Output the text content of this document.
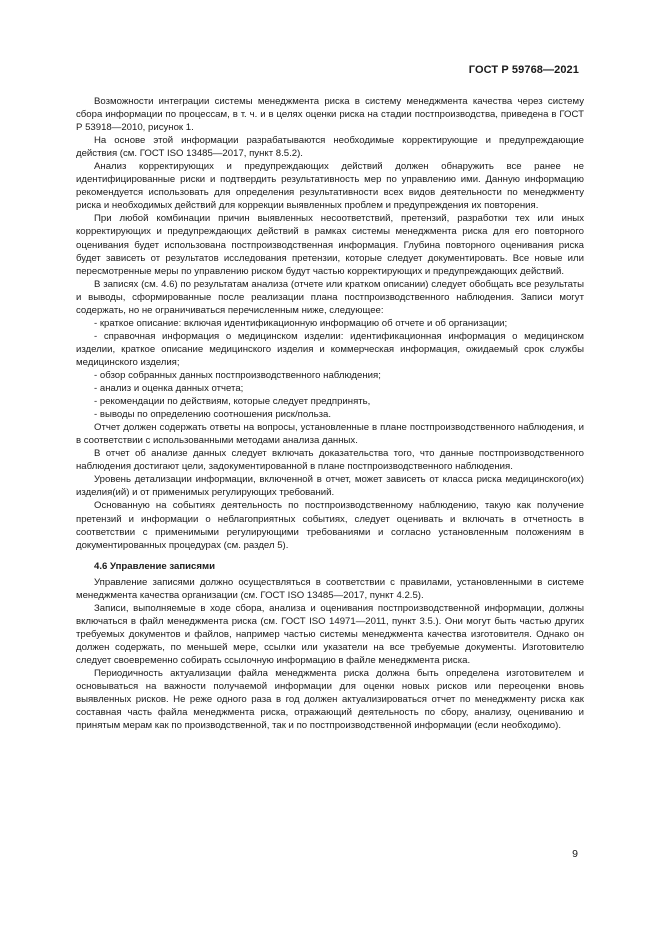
ГОСТ Р 59768—2021

Возможности интеграции системы менеджмента риска в систему менеджмента качества через систему сбора информации по процессам, в т. ч. и в целях оценки риска на стадии постпроизводства, приведена в ГОСТ Р 53918—2010, рисунок 1.

На основе этой информации разрабатываются необходимые корректирующие и предупреждающие действия (см. ГОСТ ISO 13485—2017, пункт 8.5.2).

Анализ корректирующих и предупреждающих действий должен обнаружить все ранее не идентифицированные риски и подтвердить результативность мер по управлению ими. Данную информацию рекомендуется использовать для определения результативности всех видов деятельности по менеджменту риска и необходимых действий для коррекции выявленных проблем и предупреждения их повторения.

При любой комбинации причин выявленных несоответствий, претензий, разработки тех или иных корректирующих и предупреждающих действий в рамках системы менеджмента риска для его повторного оценивания будет использована постпроизводственная информация. Глубина повторного оценивания риска будет зависеть от результатов исследования претензии, которые следует документировать. Все новые или пересмотренные меры по управлению риском будут частью корректирующих и предупреждающих действий.

В записях (см. 4.6) по результатам анализа (отчете или кратком описании) следует обобщать все результаты и выводы, сформированные после реализации плана постпроизводственного наблюдения. Записи могут содержать, но не ограничиваться перечисленным ниже, следующее:

- краткое описание: включая идентификационную информацию об отчете и об организации;
- справочная информация о медицинском изделии: идентификационная информация о медицинском изделии, краткое описание медицинского изделия и коммерческая информация, ожидаемый срок службы медицинского изделия;
- обзор собранных данных постпроизводственного наблюдения;
- анализ и оценка данных отчета;
- рекомендации по действиям, которые следует предпринять,
- выводы по определению соотношения риск/польза.

Отчет должен содержать ответы на вопросы, установленные в плане постпроизводственного наблюдения, и в соответствии с использованными методами анализа данных.

В отчет об анализе данных следует включать доказательства того, что данные постпроизводственного наблюдения достигают цели, задокументированной в плане постпроизводственного наблюдения.

Уровень детализации информации, включенной в отчет, может зависеть от класса риска медицинского(их) изделия(ий) и от применимых регулирующих требований.

Основанную на событиях деятельность по постпроизводственному наблюдению, такую как получение претензий и информации о неблагоприятных событиях, следует оценивать и включать в отчетность в соответствии с применимыми регулирующими требованиями и согласно установленным положениям в документированных процедурах (см. раздел 5).

4.6 Управление записями

Управление записями должно осуществляться в соответствии с правилами, установленными в системе менеджмента качества организации (см. ГОСТ ISO 13485—2017, пункт 4.2.5).

Записи, выполняемые в ходе сбора, анализа и оценивания постпроизводственной информации, должны включаться в файл менеджмента риска (см. ГОСТ ISO 14971—2011, пункт 3.5.). Они могут быть частью других требуемых документов и файлов, например частью системы менеджмента качества изготовителя. Однако он должен содержать, по меньшей мере, ссылки или указатели на все требуемые документы. Изготовителю следует своевременно собирать ссылочную информацию в файле менеджмента риска.

Периодичность актуализации файла менеджмента риска должна быть определена изготовителем и основываться на важности получаемой информации для оценки новых рисков или переоценки вновь выявленных рисков. Не реже одного раза в год должен актуализироваться отчет по менеджменту риска как составная часть файла менеджмента риска, отражающий деятельность по сбору, анализу, оцениванию и принятым мерам как по производственной, так и по постпроизводственной информации (если необходимо).

9
